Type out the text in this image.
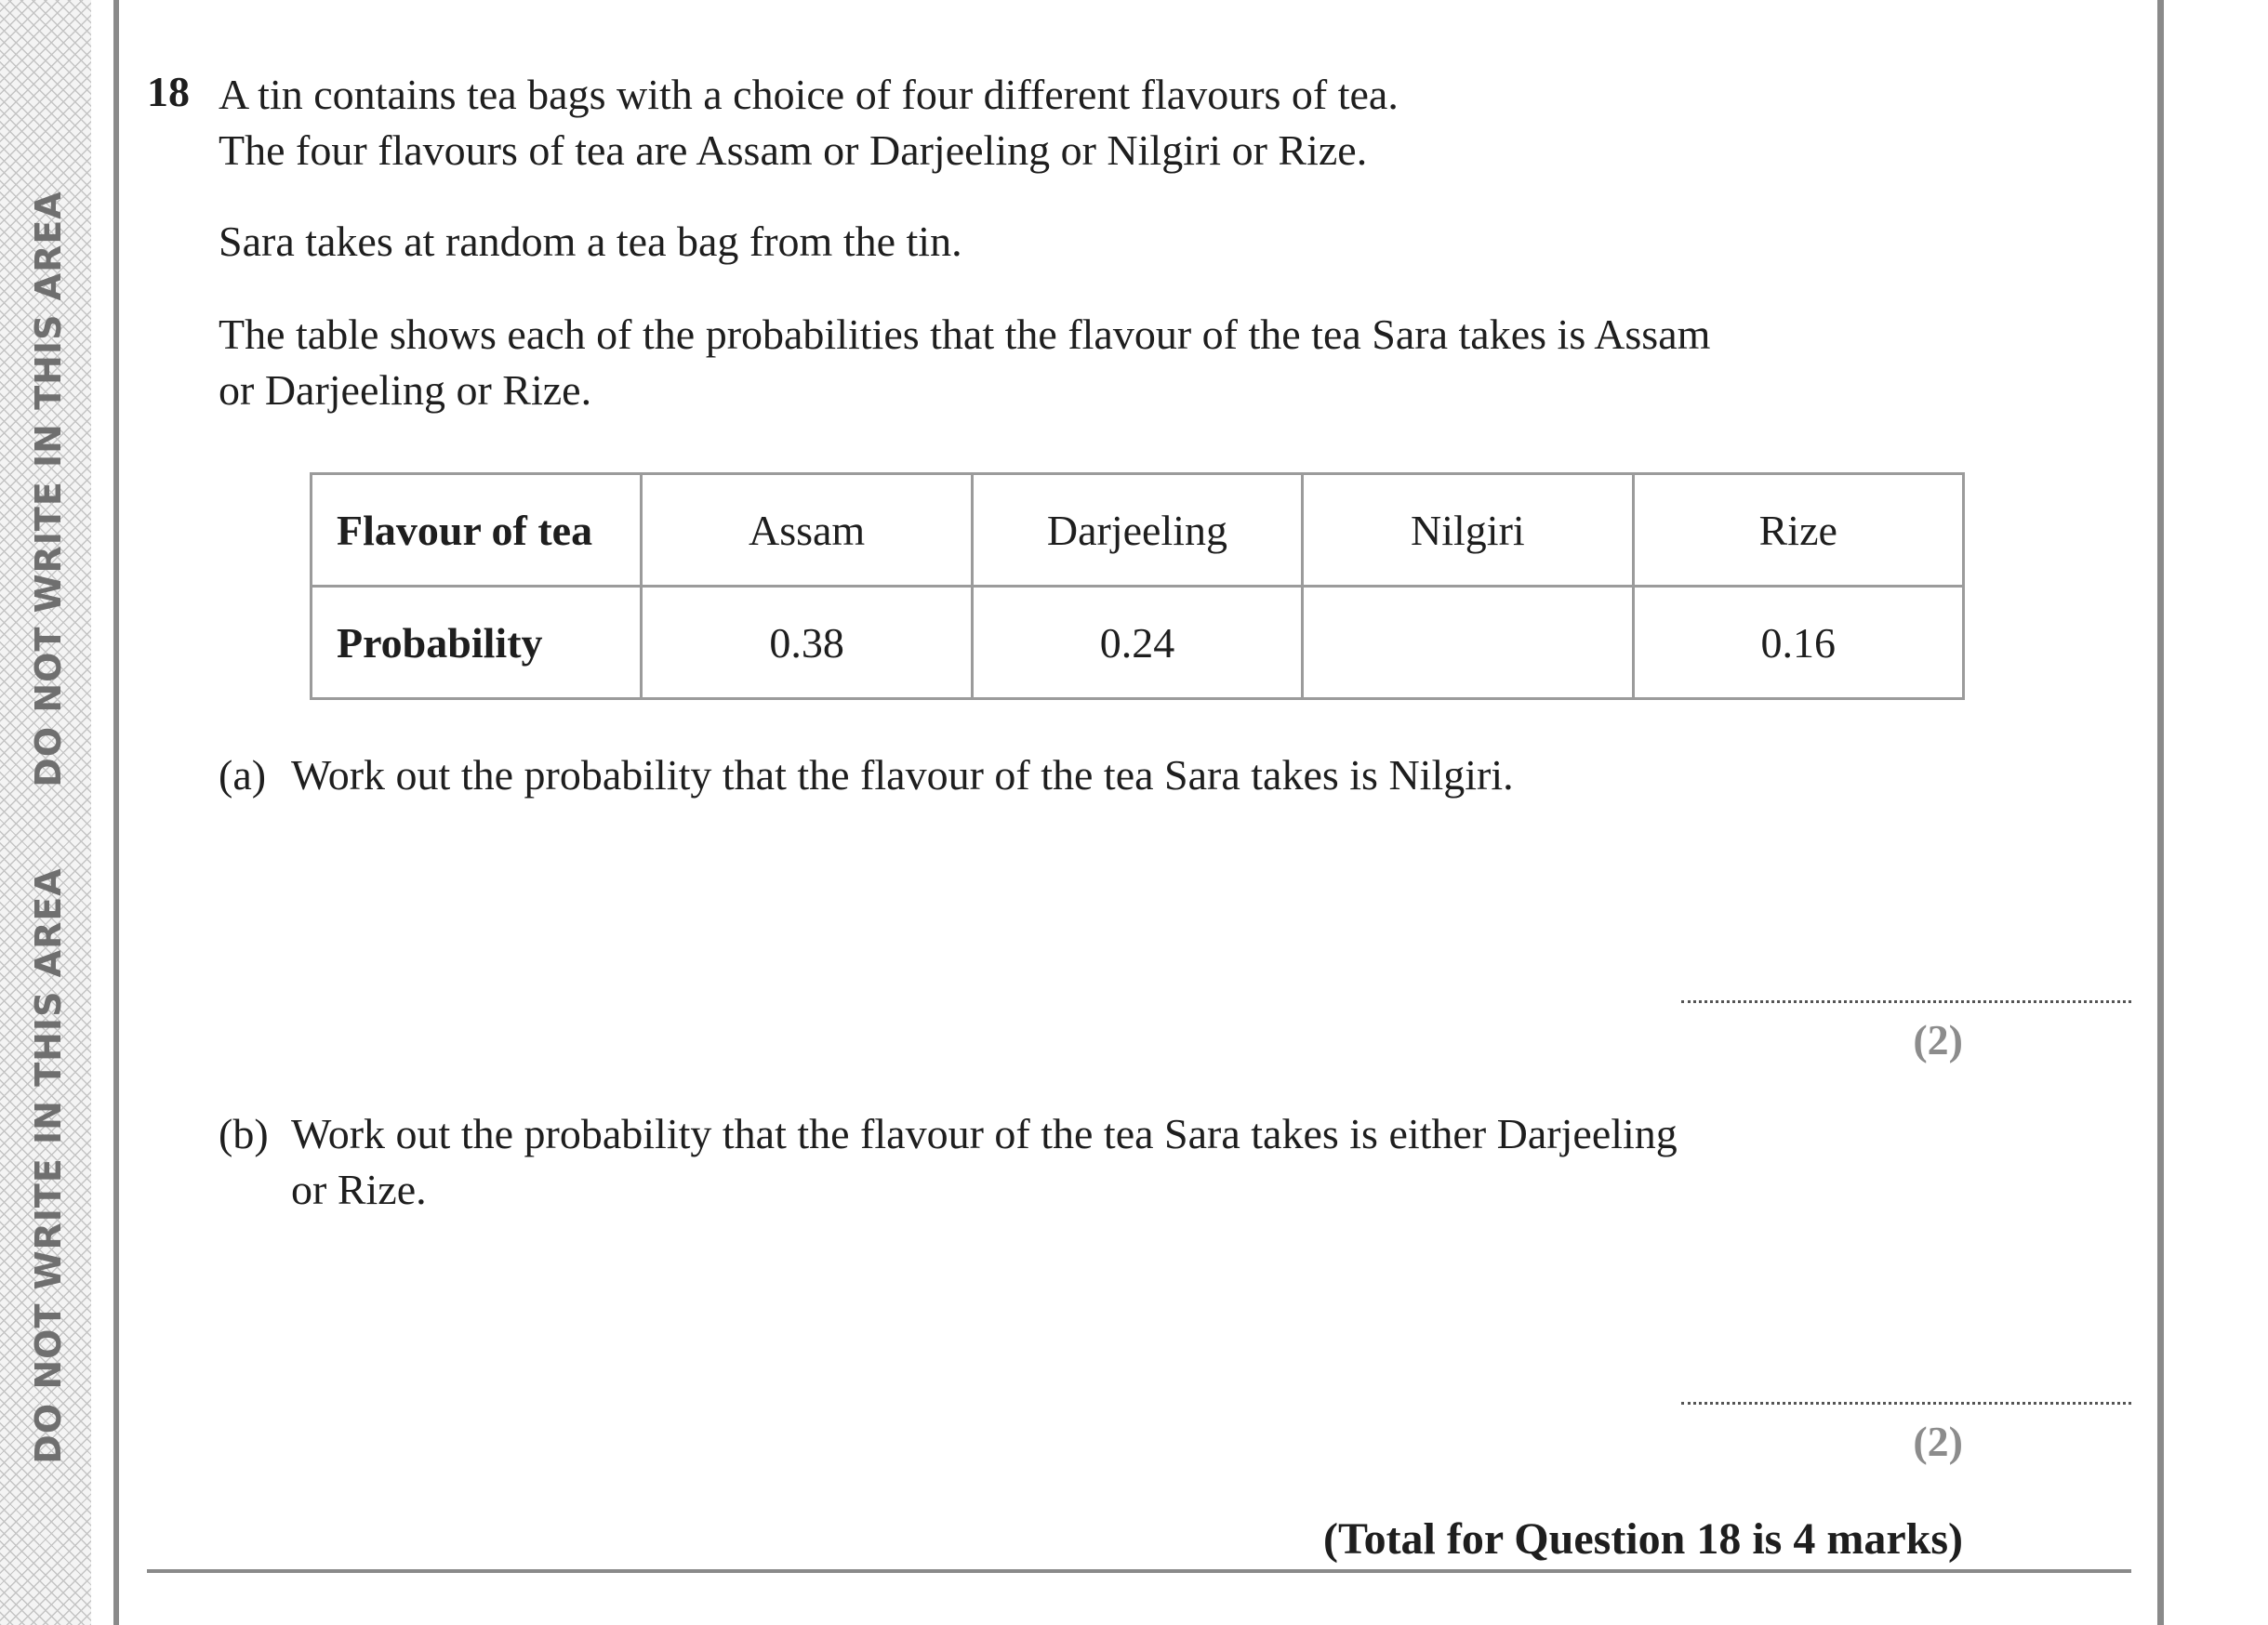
DO NOT WRITE IN THIS AREA

DO NOT WRITE IN THIS AREA

18 A tin contains tea bags with a choice of four different flavours of tea.
The four flavours of tea are Assam or Darjeeling or Nilgiri or Rize.

Sara takes at random a tea bag from the tin.

The table shows each of the probabilities that the flavour of the tea Sara takes is Assam
or Darjeeling or Rize.

Flavour of tea	Assam	Darjeeling	Nilgiri	Rize
Probability	0.38	0.24		0.16
(a) Work out the probability that the flavour of the tea Sara takes is Nilgiri.

(2)

(b) Work out the probability that the flavour of the tea Sara takes is either Darjeeling
or Rize.

(2)

(Total for Question 18 is 4 marks)
